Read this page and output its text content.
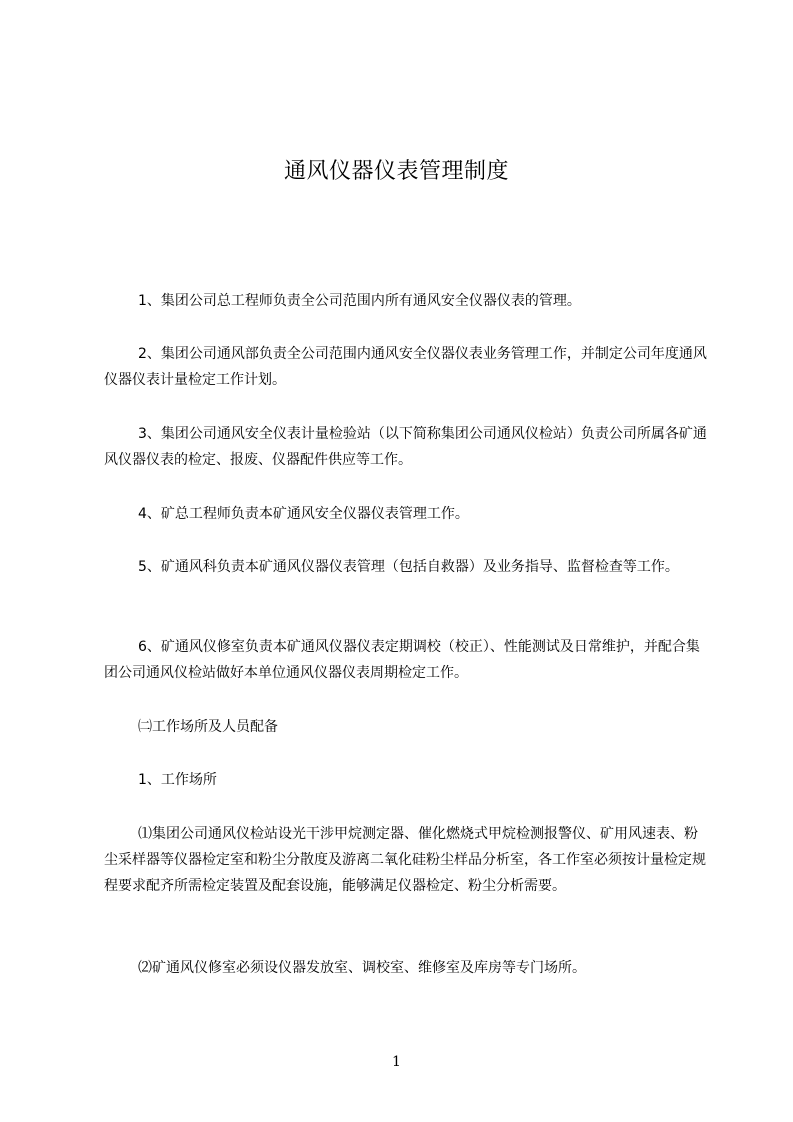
通风仪器仪表管理制度

1、集团公司总工程师负责全公司范围内所有通风安全仪器仪表的管理。

2、集团公司通风部负责全公司范围内通风安全仪器仪表业务管理工作，并制定公司年度通风仪器仪表计量检定工作计划。

3、集团公司通风安全仪表计量检验站（以下简称集团公司通风仪检站）负责公司所属各矿通风仪器仪表的检定、报废、仪器配件供应等工作。

4、矿总工程师负责本矿通风安全仪器仪表管理工作。

5、矿通风科负责本矿通风仪器仪表管理（包括自救器）及业务指导、监督检查等工作。

6、矿通风仪修室负责本矿通风仪器仪表定期调校（校正）、性能测试及日常维护，并配合集团公司通风仪检站做好本单位通风仪器仪表周期检定工作。

㈡工作场所及人员配备

1、工作场所

⑴集团公司通风仪检站设光干涉甲烷测定器、催化燃烧式甲烷检测报警仪、矿用风速表、粉尘采样器等仪器检定室和粉尘分散度及游离二氧化硅粉尘样品分析室，各工作室必须按计量检定规程要求配齐所需检定装置及配套设施，能够满足仪器检定、粉尘分析需要。

⑵矿通风仪修室必须设仪器发放室、调校室、维修室及库房等专门场所。

1
